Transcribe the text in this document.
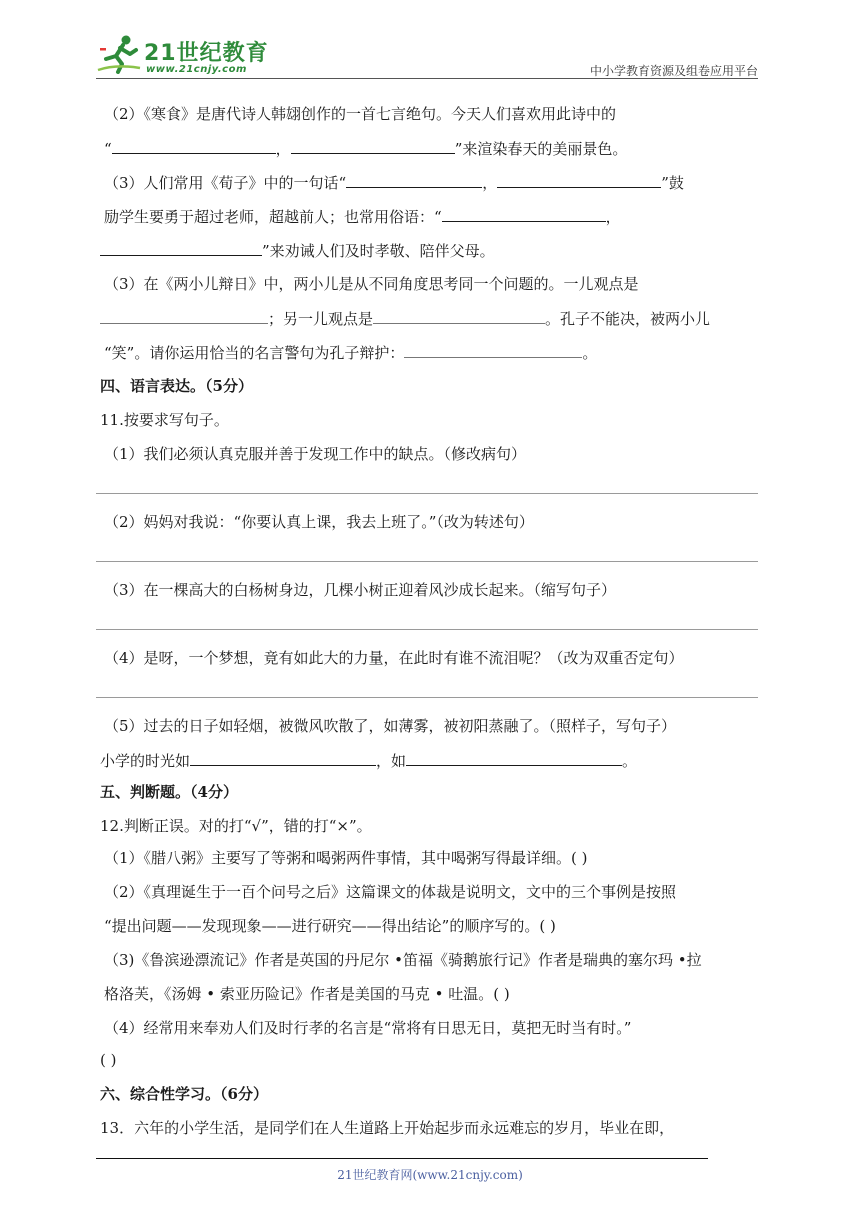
21世纪教育
www.21cnjy.com	中小学教育资源及组卷应用平台
（2）《寒食》是唐代诗人韩翃创作的一首七言绝句。今天人们喜欢用此诗中的
“	，	”来渲染春天的美丽景色。
（3）人们常用《荀子》中的一句话“	，	”鼓
励学生要勇于超过老师，超越前人；也常用俗语：“	，
”来劝诫人们及时孝敬、陪伴父母。
（3）在《两小儿辩日》中，两小儿是从不同角度思考同一个问题的。一儿观点是
；另一儿观点是	。孔子不能决，被两小儿
“笑”。请你运用恰当的名言警句为孔子辩护：	。
四、语言表达。（5分）
11.按要求写句子。
（1）我们必须认真克服并善于发现工作中的缺点。（修改病句）
（2）妈妈对我说：“你要认真上课，我去上班了。”（改为转述句）
（3）在一棵高大的白杨树身边，几棵小树正迎着风沙成长起来。（缩写句子）
（4）是呀，一个梦想，竟有如此大的力量，在此时有谁不流泪呢？（改为双重否定句）
（5）过去的日子如轻烟，被微风吹散了，如薄雾，被初阳蒸融了。（照样子，写句子）
小学的时光如	，如	。
五、判断题。（4分）
12.判断正误。对的打“√”，错的打“×”。
（1）《腊八粥》主要写了等粥和喝粥两件事情，其中喝粥写得最详细。( )
（2）《真理诞生于一百个问号之后》这篇课文的体裁是说明文，文中的三个事例是按照
“提出问题——发现现象——进行研究——得出结论”的顺序写的。( )
（3)《鲁滨逊漂流记》作者是英国的丹尼尔 •笛福《骑鹅旅行记》作者是瑞典的塞尔玛 •拉
格洛芙，《汤姆 • 索亚历险记》作者是美国的马克 • 吐温。( )
（4）经常用来奉劝人们及时行孝的名言是“常将有日思无日，莫把无时当有时。”
( )
六、综合性学习。（6分）
13．六年的小学生活，是同学们在人生道路上开始起步而永远难忘的岁月，毕业在即，
21世纪教育网(www.21cnjy.com)
